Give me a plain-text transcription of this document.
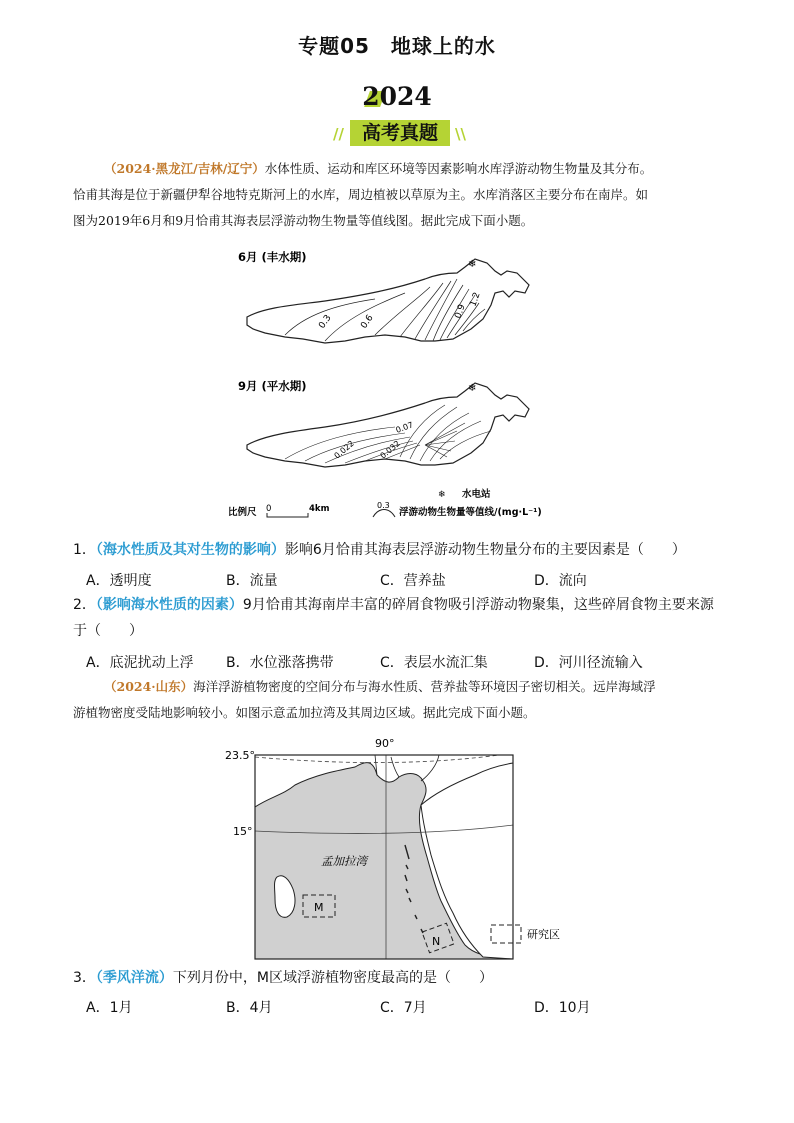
专题05　地球上的水
2024
// 高考真题	\\
（2024·黑龙江/吉林/辽宁）水体性质、运动和库区环境等因素影响水库浮游动物生物量及其分布。
恰甫其海是位于新疆伊犁谷地特克斯河上的水库，周边植被以草原为主。水库消落区主要分布在南岸。如
图为2019年6月和9月恰甫其海表层浮游动物生物量等值线图。据此完成下面小题。
6月 (丰水期)
0.3	0.6
0.9
1.2
❄
9月 (平水期)
0.022	0.032
0.07
❄
❄ 水电站
比例尺 0	4km	0.3
浮游动物生物量等值线/(mg·L⁻¹)
1．（海水性质及其对生物的影响）影响6月恰甫其海表层浮游动物生物量分布的主要因素是（　　）
A．透明度	B．流量	C．营养盐	D．流向
2．（影响海水性质的因素）9月恰甫其海南岸丰富的碎屑食物吸引浮游动物聚集，这些碎屑食物主要来源
于（　　）
A．底泥扰动上浮 B．水位涨落携带	C．表层水流汇集	D．河川径流输入
（2024·山东）海洋浮游植物密度的空间分布与海水性质、营养盐等环境因子密切相关。远岸海域浮
游植物密度受陆地影响较小。如图示意孟加拉湾及其周边区域。据此完成下面小题。
90°
23.5°
15°
孟加拉湾
M
N
研究区
3．（季风洋流）下列月份中，M区域浮游植物密度最高的是（　　）
A．1月	B．4月	C．7月	D．10月
